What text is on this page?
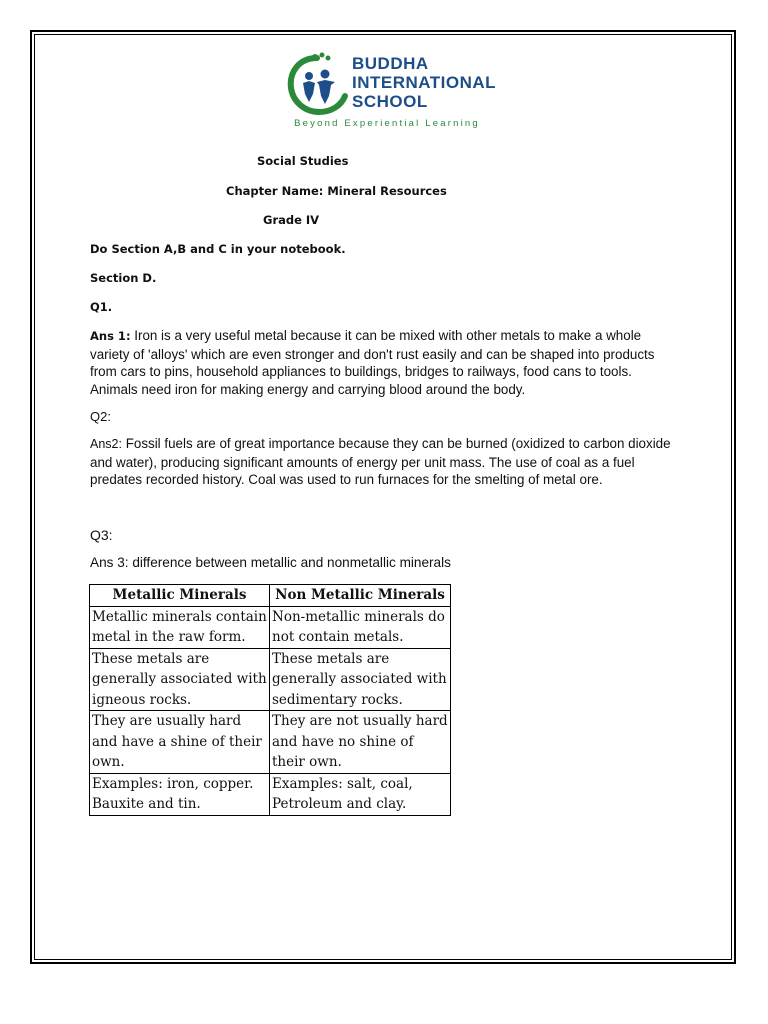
BUDDHA
INTERNATIONAL
SCHOOL
Beyond Experiential Learning
Social Studies
Chapter Name: Mineral Resources
Grade IV
Do Section A,B and C in your notebook.
Section D.
Q1.
Ans 1: Iron is a very useful metal because it can be mixed with other metals to make a whole variety of 'alloys' which are even stronger and don't rust easily and can be shaped into products from cars to pins, household appliances to buildings, bridges to railways, food cans to tools. Animals need iron for making energy and carrying blood around the body.
Q2:
Ans2: Fossil fuels are of great importance because they can be burned (oxidized to carbon dioxide and water), producing significant amounts of energy per unit mass. The use of coal as a fuel predates recorded history. Coal was used to run furnaces for the smelting of metal ore.
Q3:
Ans 3: difference between metallic and nonmetallic minerals
Metallic Minerals	Non Metallic Minerals
Metallic minerals contain metal in the raw form.	Non-metallic minerals do not contain metals.
These metals are generally associated with igneous rocks.	These metals are generally associated with sedimentary rocks.
They are usually hard and have a shine of their own.	They are not usually hard and have no shine of their own.
Examples: iron, copper. Bauxite and tin.	Examples: salt, coal, Petroleum and clay.
